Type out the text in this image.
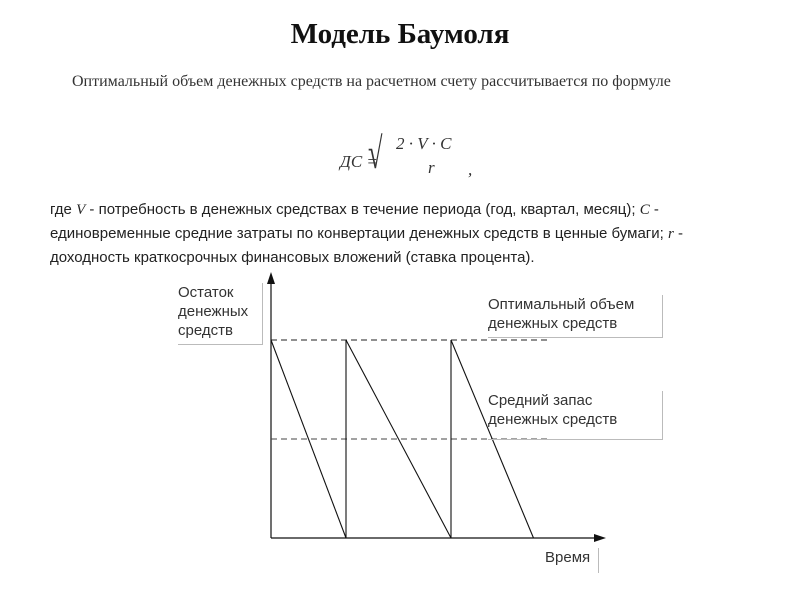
Модель Баумоля
Оптимальный объем денежных средств на расчетном счету рассчитывается по формуле
ДС =
√ 2 · V · C
r ,
где V - потребность в денежных средствах в течение периода (год, квартал, месяц); C - единовременные средние затраты по конвертации денежных средств в ценные бумаги; r - доходность краткосрочных финансовых вложений (ставка процента).
Остаток денежных средств
Оптимальный объем денежных средств
Средний запас денежных средств
Время
